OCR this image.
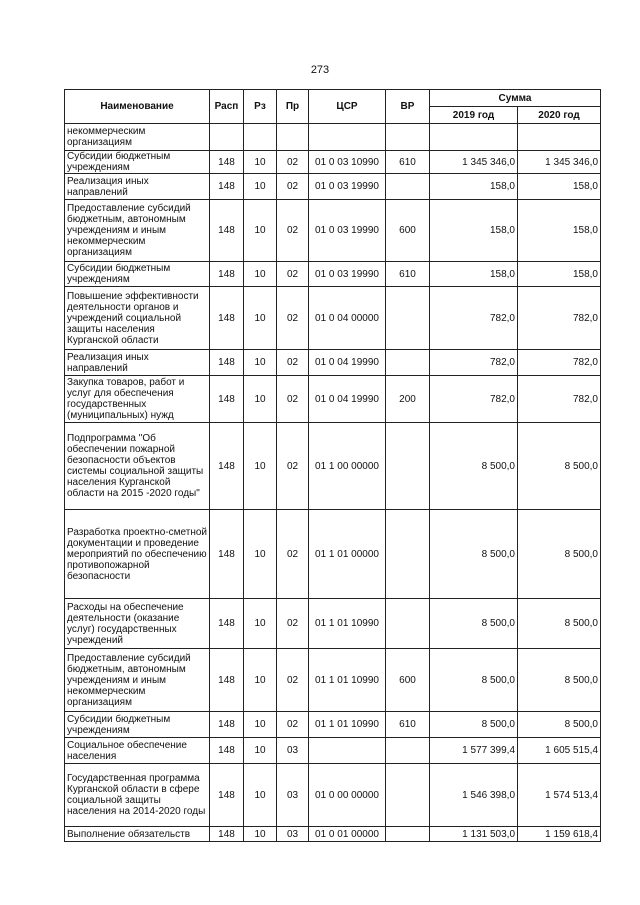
273
Наименование	Расп	Рз	Пр	ЦСР	ВР	Сумма	
						2019 год	2020 год
некоммерческим организациям							
Субсидии бюджетным учреждениям	148	10	02	01 0 03 10990	610	1 345 346,0	1 345 346,0
Реализация иных направлений	148	10	02	01 0 03 19990		158,0	158,0
Предоставление субсидий бюджетным, автономным учреждениям и иным некоммерческим организациям	148	10	02	01 0 03 19990	600	158,0	158,0
Субсидии бюджетным учреждениям	148	10	02	01 0 03 19990	610	158,0	158,0
Повышение эффективности деятельности органов и учреждений социальной защиты населения Курганской области	148	10	02	01 0 04 00000		782,0	782,0
Реализация иных направлений	148	10	02	01 0 04 19990		782,0	782,0
Закупка товаров, работ и услуг для обеспечения государственных (муниципальных) нужд	148	10	02	01 0 04 19990	200	782,0	782,0
Подпрограмма "Об обеспечении пожарной безопасности объектов системы социальной защиты населения Курганской области на 2015 -2020 годы"	148	10	02	01 1 00 00000		8 500,0	8 500,0
Разработка проектно-сметной документации и проведение мероприятий по обеспечению противопожарной безопасности	148	10	02	01 1 01 00000		8 500,0	8 500,0
Расходы на обеспечение деятельности (оказание услуг) государственных учреждений	148	10	02	01 1 01 10990		8 500,0	8 500,0
Предоставление субсидий бюджетным, автономным учреждениям и иным некоммерческим организациям	148	10	02	01 1 01 10990	600	8 500,0	8 500,0
Субсидии бюджетным учреждениям	148	10	02	01 1 01 10990	610	8 500,0	8 500,0
Социальное обеспечение населения	148	10	03			1 577 399,4	1 605 515,4
Государственная программа Курганской области в сфере социальной защиты населения на 2014-2020 годы	148	10	03	01 0 00 00000		1 546 398,0	1 574 513,4
Выполнение обязательств	148	10	03	01 0 01 00000		1 131 503,0	1 159 618,4
